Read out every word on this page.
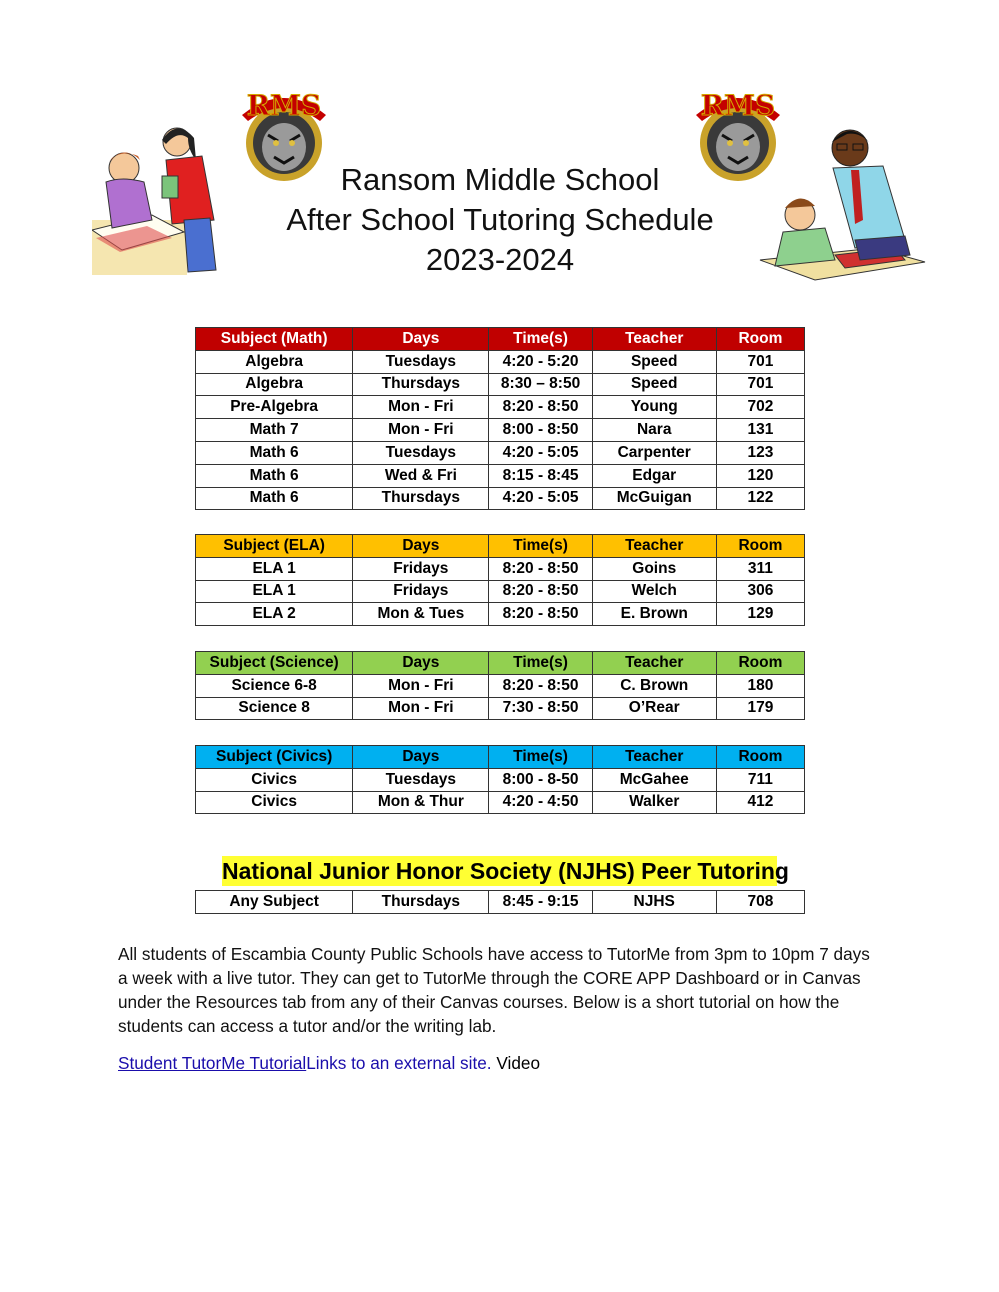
RMS	RMS
Ransom Middle School
After School Tutoring Schedule
2023-2024
Subject (Math)	Days	Time(s)	Teacher	Room
Algebra	Tuesdays	4:20 - 5:20	Speed	701
Algebra	Thursdays	8:30 – 8:50	Speed	701
Pre-Algebra	Mon - Fri	8:20 - 8:50	Young	702
Math 7	Mon - Fri	8:00 - 8:50	Nara	131
Math 6	Tuesdays	4:20 - 5:05	Carpenter	123
Math 6	Wed & Fri	8:15 - 8:45	Edgar	120
Math 6	Thursdays	4:20 - 5:05	McGuigan	122
Subject (ELA)	Days	Time(s)	Teacher	Room
ELA 1	Fridays	8:20 - 8:50	Goins	311
ELA 1	Fridays	8:20 - 8:50	Welch	306
ELA 2	Mon & Tues	8:20 - 8:50	E. Brown	129
Subject (Science)	Days	Time(s)	Teacher	Room
Science 6-8	Mon - Fri	8:20 - 8:50	C. Brown	180
Science 8	Mon - Fri	7:30 - 8:50	O’Rear	179
Subject (Civics)	Days	Time(s)	Teacher	Room
Civics	Tuesdays	8:00 - 8-50	McGahee	711
Civics	Mon & Thur	4:20 - 4:50	Walker	412
National Junior Honor Society (NJHS) Peer Tutoring
Any Subject	Thursdays	8:45 - 9:15	NJHS	708
All students of Escambia County Public Schools have access to TutorMe from 3pm to 10pm 7 days a week with a live tutor. They can get to TutorMe through the CORE APP Dashboard or in Canvas under the Resources tab from any of their Canvas courses. Below is a short tutorial on how the students can access a tutor and/or the writing lab.
Student TutorMe TutorialLinks to an external site. Video
